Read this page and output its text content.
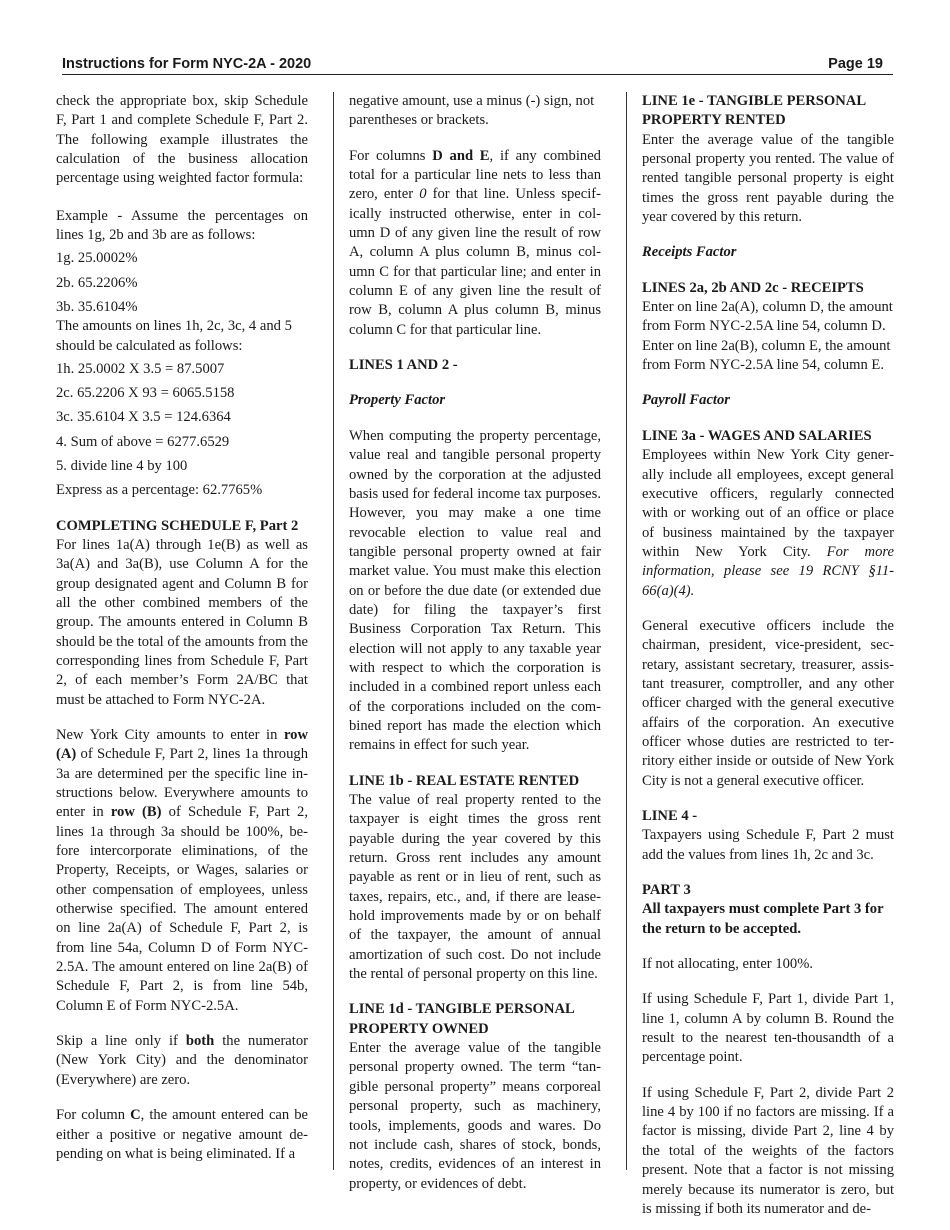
Instructions for Form NYC-2A - 2020	Page 19

check the appropriate box, skip Schedule F, Part 1 and complete Schedule F, Part 2. The following example illustrates the calculation of the business allocation percentage using weighted factor formula:

Example - Assume the percentages on lines 1g, 2b and 3b are as follows:

1g. 25.0002%
2b. 65.2206%
3b. 35.6104%

The amounts on lines 1h, 2c, 3c, 4 and 5 should be calculated as follows:

1h. 25.0002 X 3.5 = 87.5007
2c. 65.2206 X 93 = 6065.5158
3c. 35.6104 X 3.5 = 124.6364
4. Sum of above = 6277.6529
5. divide line 4 by 100

Express as a percentage: 62.7765%

COMPLETING SCHEDULE F, Part 2

For lines 1a(A) through 1e(B) as well as 3a(A) and 3a(B), use Column A for the group designated agent and Column B for all the other combined members of the group. The amounts entered in Column B should be the total of the amounts from the corresponding lines from Schedule F, Part 2, of each member’s Form 2A/BC that must be attached to Form NYC-2A.

New York City amounts to enter in row (A) of Schedule F, Part 2, lines 1a through 3a are determined per the specific line instructions below. Everywhere amounts to enter in row (B) of Schedule F, Part 2, lines 1a through 3a should be 100%, before intercorporate eliminations, of the Property, Receipts, or Wages, salaries or other compensation of employees, unless otherwise specified. The amount entered on line 2a(A) of Schedule F, Part 2, is from line 54a, Column D of Form NYC-2.5A. The amount entered on line 2a(B) of Schedule F, Part 2, is from line 54b, Column E of Form NYC-2.5A.

Skip a line only if both the numerator (New York City) and the denominator (Everywhere) are zero.

For column C, the amount entered can be either a positive or negative amount depending on what is being eliminated. If a

negative amount, use a minus (-) sign, not parentheses or brackets.

For columns D and E, if any combined total for a particular line nets to less than zero, enter 0 for that line. Unless specifically instructed otherwise, enter in column D of any given line the result of row A, column A plus column B, minus column C for that particular line; and enter in column E of any given line the result of row B, column A plus column B, minus column C for that particular line.

LINES 1 AND 2 -

Property Factor

When computing the property percentage, value real and tangible personal property owned by the corporation at the adjusted basis used for federal income tax purposes. However, you may make a one time revocable election to value real and tangible personal property owned at fair market value. You must make this election on or before the due date (or extended due date) for filing the taxpayer’s first Business Corporation Tax Return. This election will not apply to any taxable year with respect to which the corporation is included in a combined report unless each of the corporations included on the combined report has made the election which remains in effect for such year.

LINE 1b - REAL ESTATE RENTED

The value of real property rented to the taxpayer is eight times the gross rent payable during the year covered by this return. Gross rent includes any amount payable as rent or in lieu of rent, such as taxes, repairs, etc., and, if there are leasehold improvements made by or on behalf of the taxpayer, the amount of annual amortization of such cost. Do not include the rental of personal property on this line.

LINE 1d - TANGIBLE PERSONAL PROPERTY OWNED

Enter the average value of the tangible personal property owned. The term “tangible personal property” means corporeal personal property, such as machinery, tools, implements, goods and wares. Do not include cash, shares of stock, bonds, notes, credits, evidences of an interest in property, or evidences of debt.

LINE 1e - TANGIBLE PERSONAL PROPERTY RENTED

Enter the average value of the tangible personal property you rented. The value of rented tangible personal property is eight times the gross rent payable during the year covered by this return.

Receipts Factor

LINES 2a, 2b AND 2c - RECEIPTS

Enter on line 2a(A), column D, the amount from Form NYC-2.5A line 54, column D. Enter on line 2a(B), column E, the amount from Form NYC-2.5A line 54, column E.

Payroll Factor

LINE 3a - WAGES AND SALARIES

Employees within New York City generally include all employees, except general executive officers, regularly connected with or working out of an office or place of business maintained by the taxpayer within New York City. For more information, please see 19 RCNY §11- 66(a)(4).

General executive officers include the chairman, president, vice-president, secretary, assistant secretary, treasurer, assistant treasurer, comptroller, and any other officer charged with the general executive affairs of the corporation. An executive officer whose duties are restricted to territory either inside or outside of New York City is not a general executive officer.

LINE 4 -

Taxpayers using Schedule F, Part 2 must add the values from lines 1h, 2c and 3c.

PART 3

All taxpayers must complete Part 3 for the return to be accepted.

If not allocating, enter 100%.

If using Schedule F, Part 1, divide Part 1, line 1, column A by column B. Round the result to the nearest ten-thousandth of a percentage point.

If using Schedule F, Part 2, divide Part 2 line 4 by 100 if no factors are missing. If a factor is missing, divide Part 2, line 4 by the total of the weights of the factors present. Note that a factor is not missing merely because its numerator is zero, but is missing if both its numerator and de-
